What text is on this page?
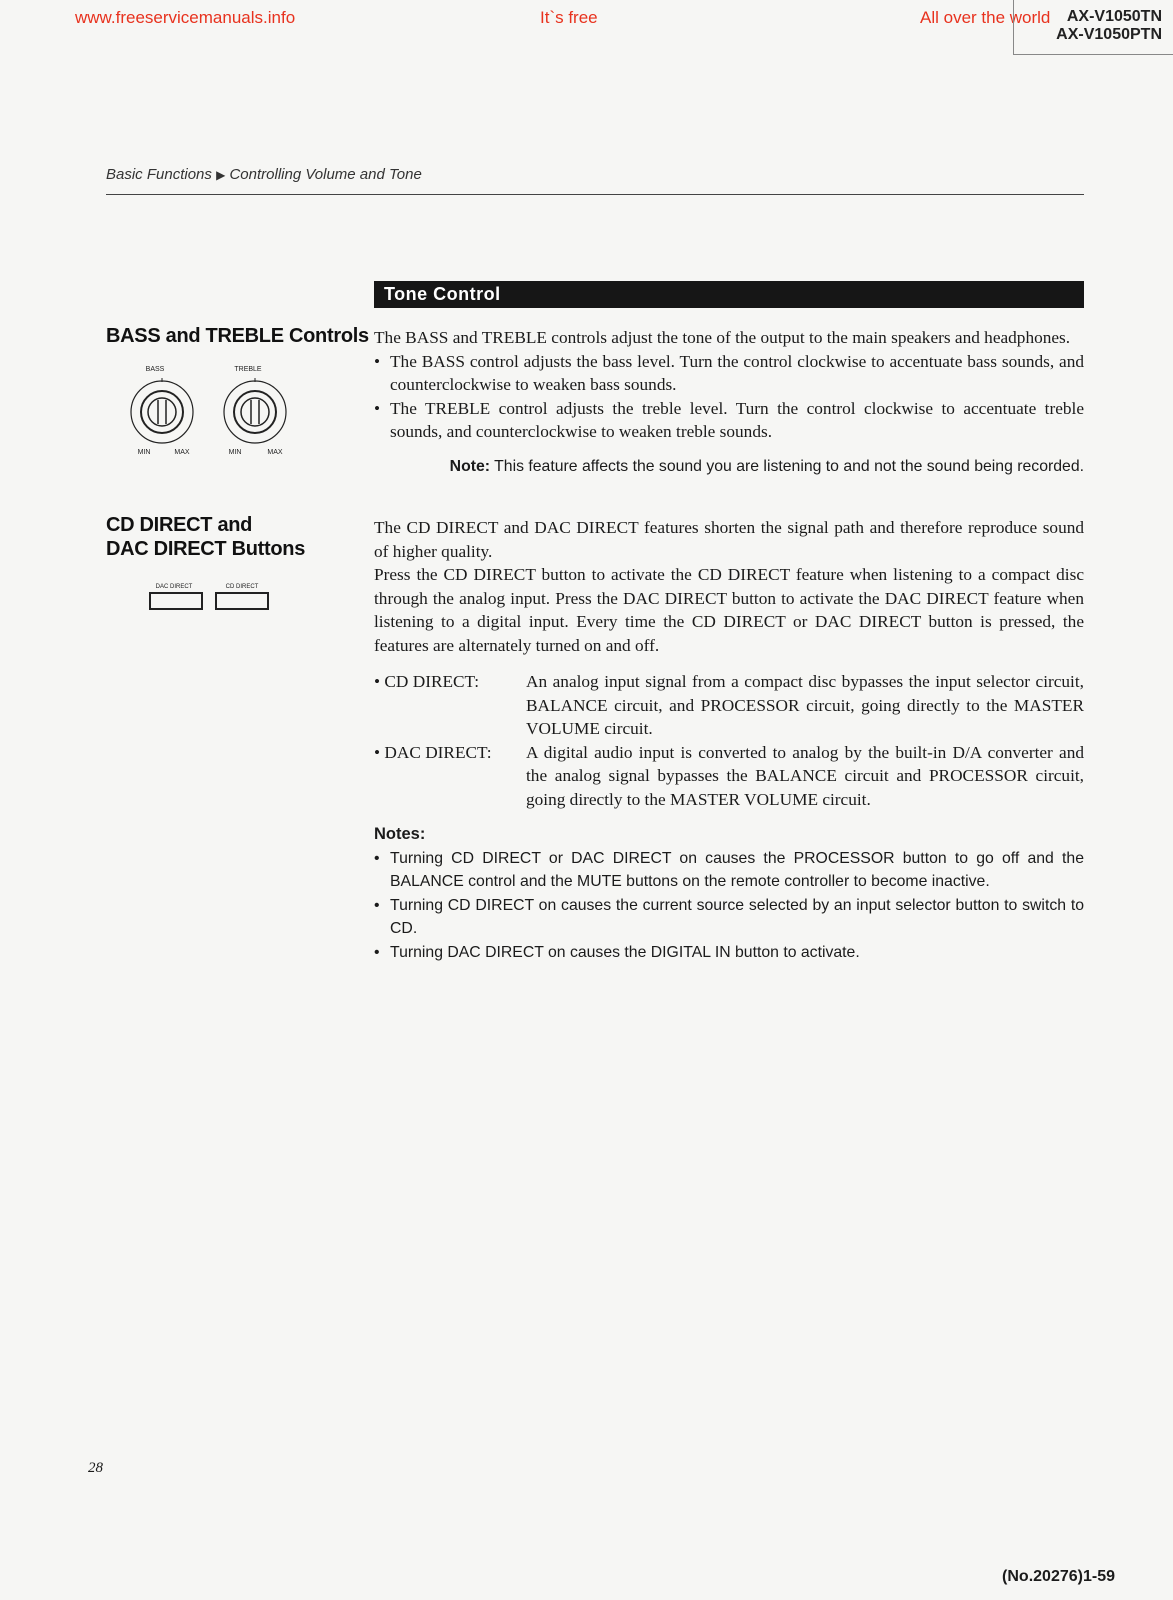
www.freeservicemanuals.info	It`s free	All over the world AX-V1050TN
AX-V1050PTN
Basic Functions ▶ Controlling Volume and Tone
Tone Control
BASS and TREBLE Controls
BASS	TREBLE
MIN	MAX	MIN	MAX

The BASS and TREBLE controls adjust the tone of the output to the main speakers and headphones.

• The BASS control adjusts the bass level. Turn the control clockwise to accentuate bass sounds, and counterclockwise to weaken bass sounds.
• The TREBLE control adjusts the treble level. Turn the control clockwise to accentuate treble sounds, and counterclockwise to weaken treble sounds.
Note: This feature affects the sound you are listening to and not the sound being recorded.
CD DIRECT and
DAC DIRECT Buttons
DAC DIRECT	CD DIRECT

The CD DIRECT and DAC DIRECT features shorten the signal path and therefore reproduce sound of higher quality.

Press the CD DIRECT button to activate the CD DIRECT feature when listening to a compact disc through the analog input. Press the DAC DIRECT button to activate the DAC DIRECT feature when listening to a digital input. Every time the CD DIRECT or DAC DIRECT button is pressed, the features are alternately turned on and off.

• CD DIRECT:	An analog input signal from a compact disc bypasses the input selector circuit, BALANCE circuit, and PROCESSOR circuit, going directly to the MASTER VOLUME circuit.
• DAC DIRECT:	A digital audio input is converted to analog by the built-in D/A converter and the analog signal bypasses the BALANCE circuit and PROCESSOR circuit, going directly to the MASTER VOLUME circuit.
Notes:
• Turning CD DIRECT or DAC DIRECT on causes the PROCESSOR button to go off and the BALANCE control and the MUTE buttons on the remote controller to become inactive.
• Turning CD DIRECT on causes the current source selected by an input selector button to switch to CD.
• Turning DAC DIRECT on causes the DIGITAL IN button to activate.
28
(No.20276)1-59
